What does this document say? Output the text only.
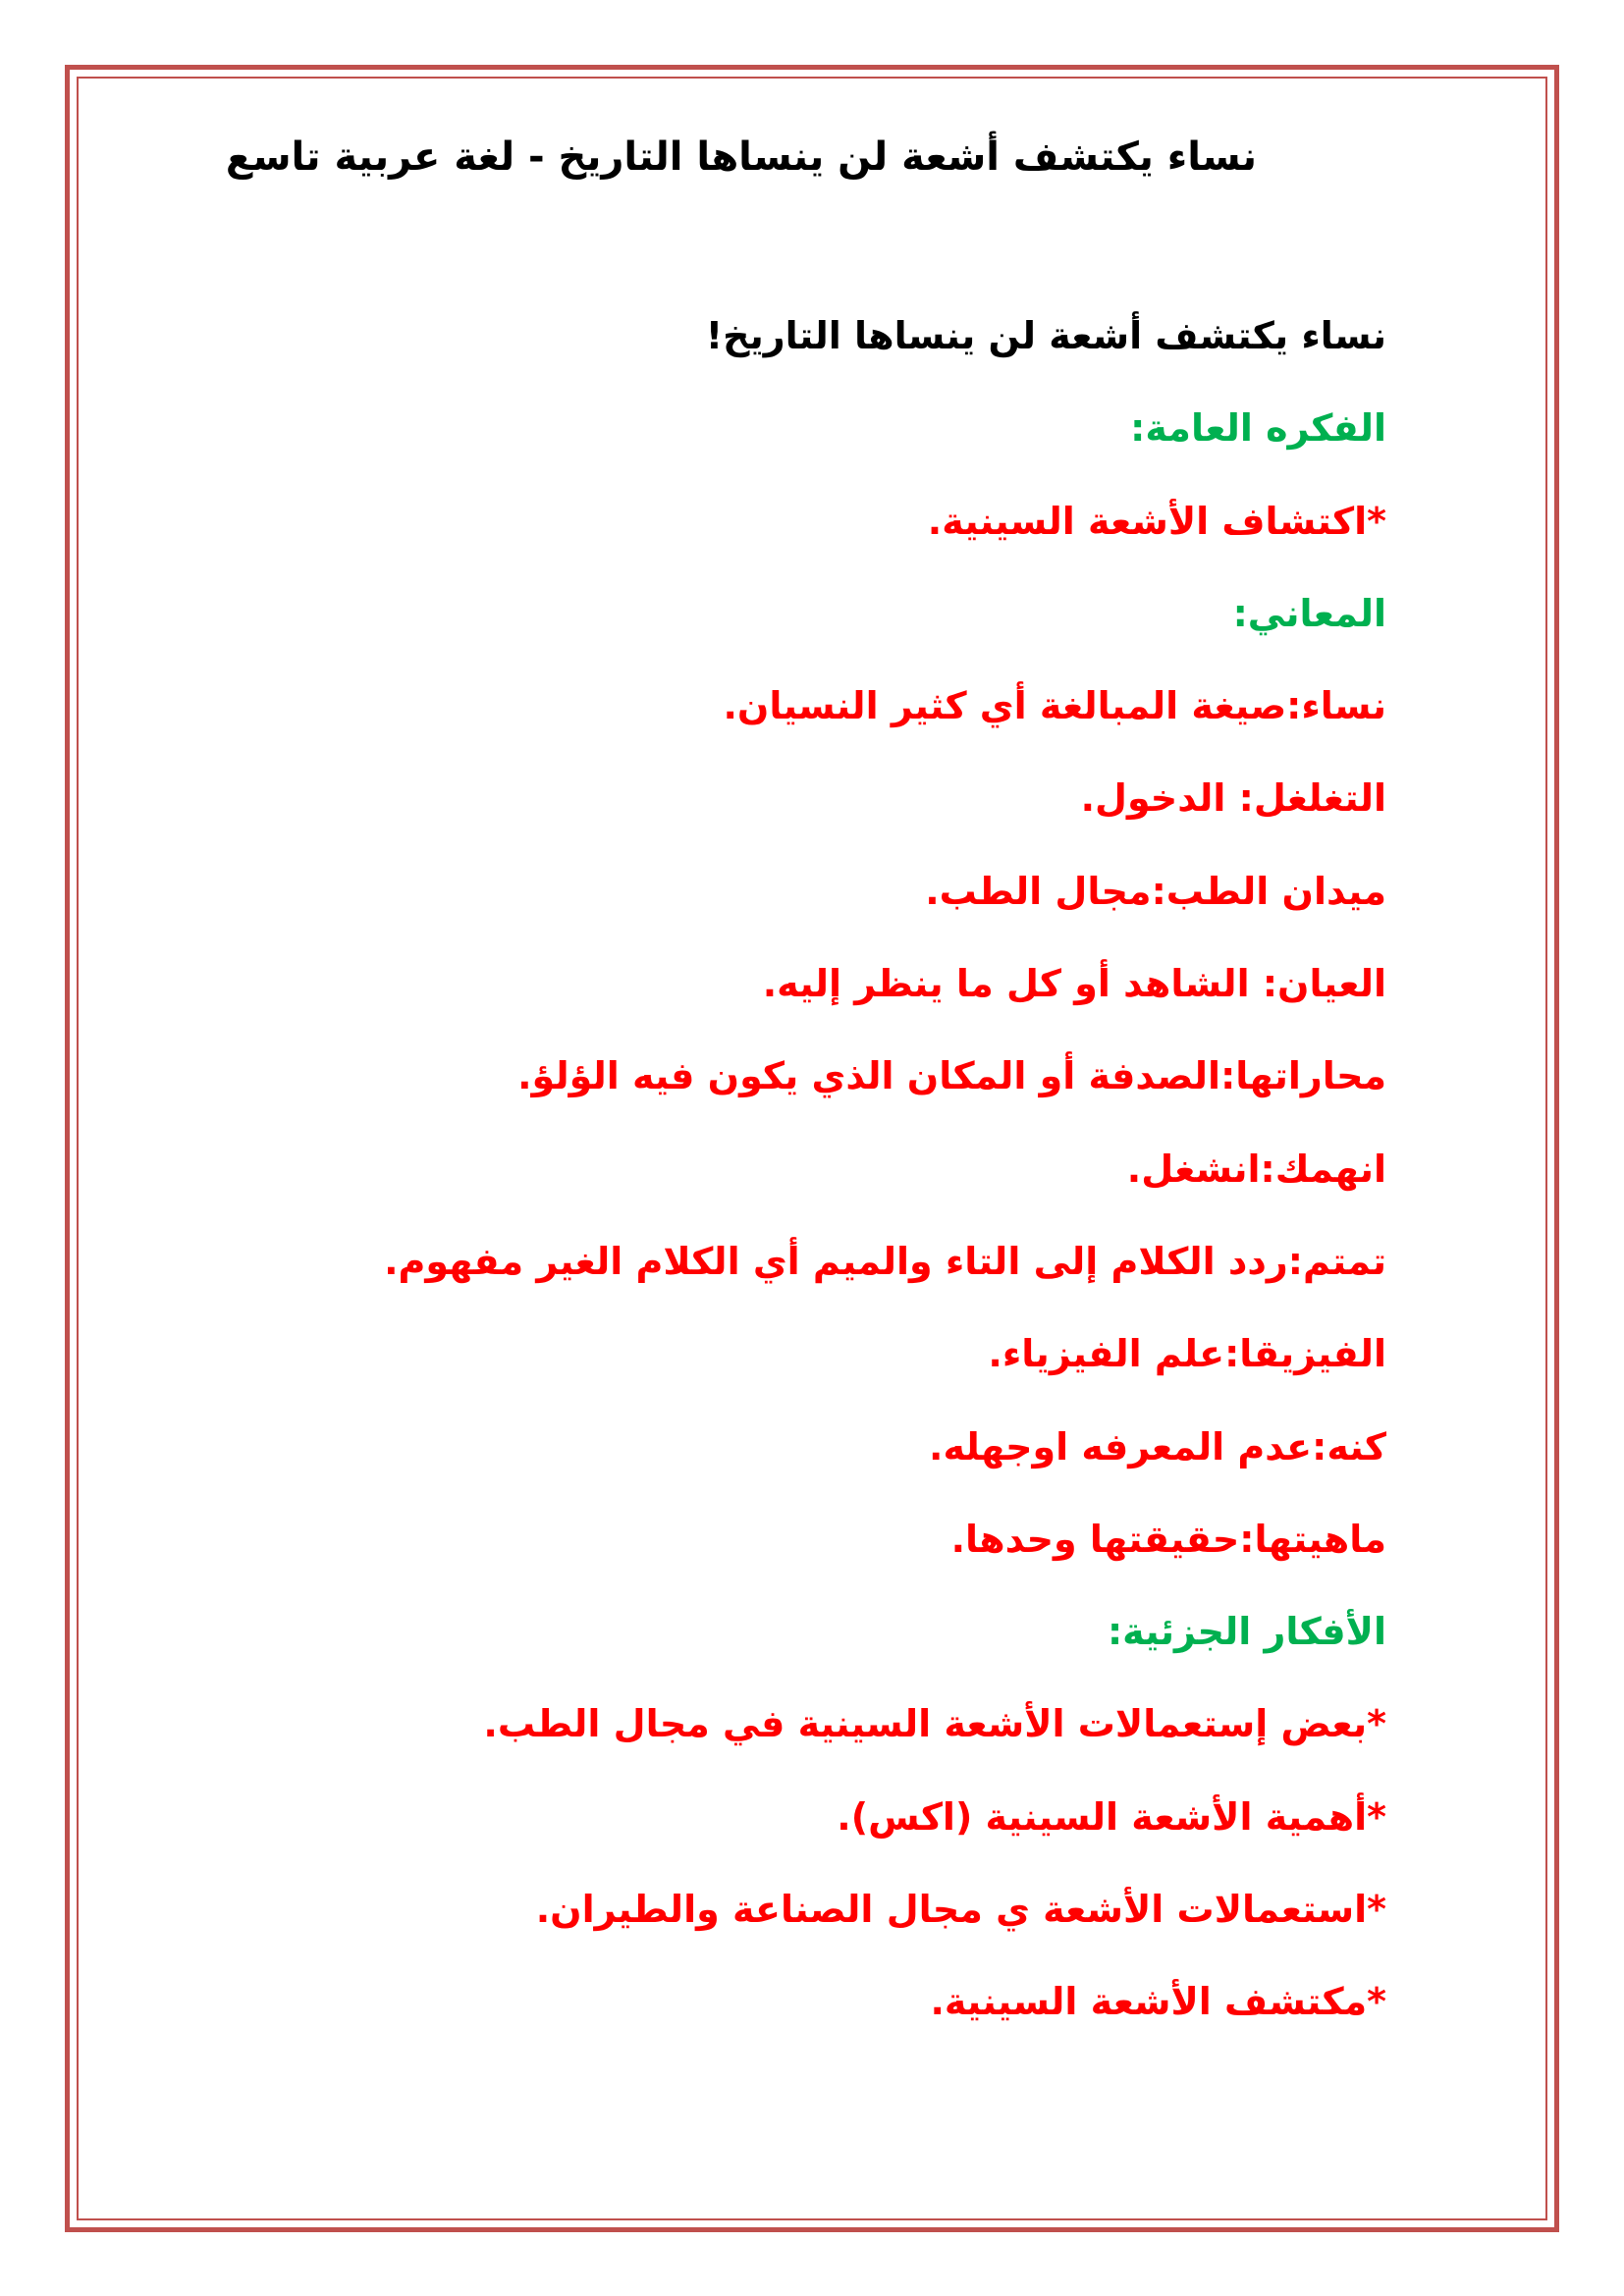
نساء يكتشف أشعة لن ينساها التاريخ - لغة عربية تاسع
نساء يكتشف أشعة لن ينساها التاريخ!
الفكره العامة:
*اكتشاف الأشعة السينية.
المعاني:
نساء:صيغة المبالغة أي كثير النسيان.
التغلغل: الدخول.
ميدان الطب:مجال الطب.
العيان: الشاهد أو كل ما ينظر إليه.
محاراتها:الصدفة أو المكان الذي يكون فيه الؤلؤ.
انهمك:انشغل.
تمتم:ردد الكلام إلى التاء والميم أي الكلام الغير مفهوم.
الفيزيقا:علم الفيزياء.
كنه:عدم المعرفه اوجهله.
ماهيتها:حقيقتها وحدها.
الأفكار الجزئية:
*بعض إستعمالات الأشعة السينية في مجال الطب.
*أهمية الأشعة السينية (اكس).
*استعمالات الأشعة ي مجال الصناعة والطيران.
*مكتشف الأشعة السينية.
